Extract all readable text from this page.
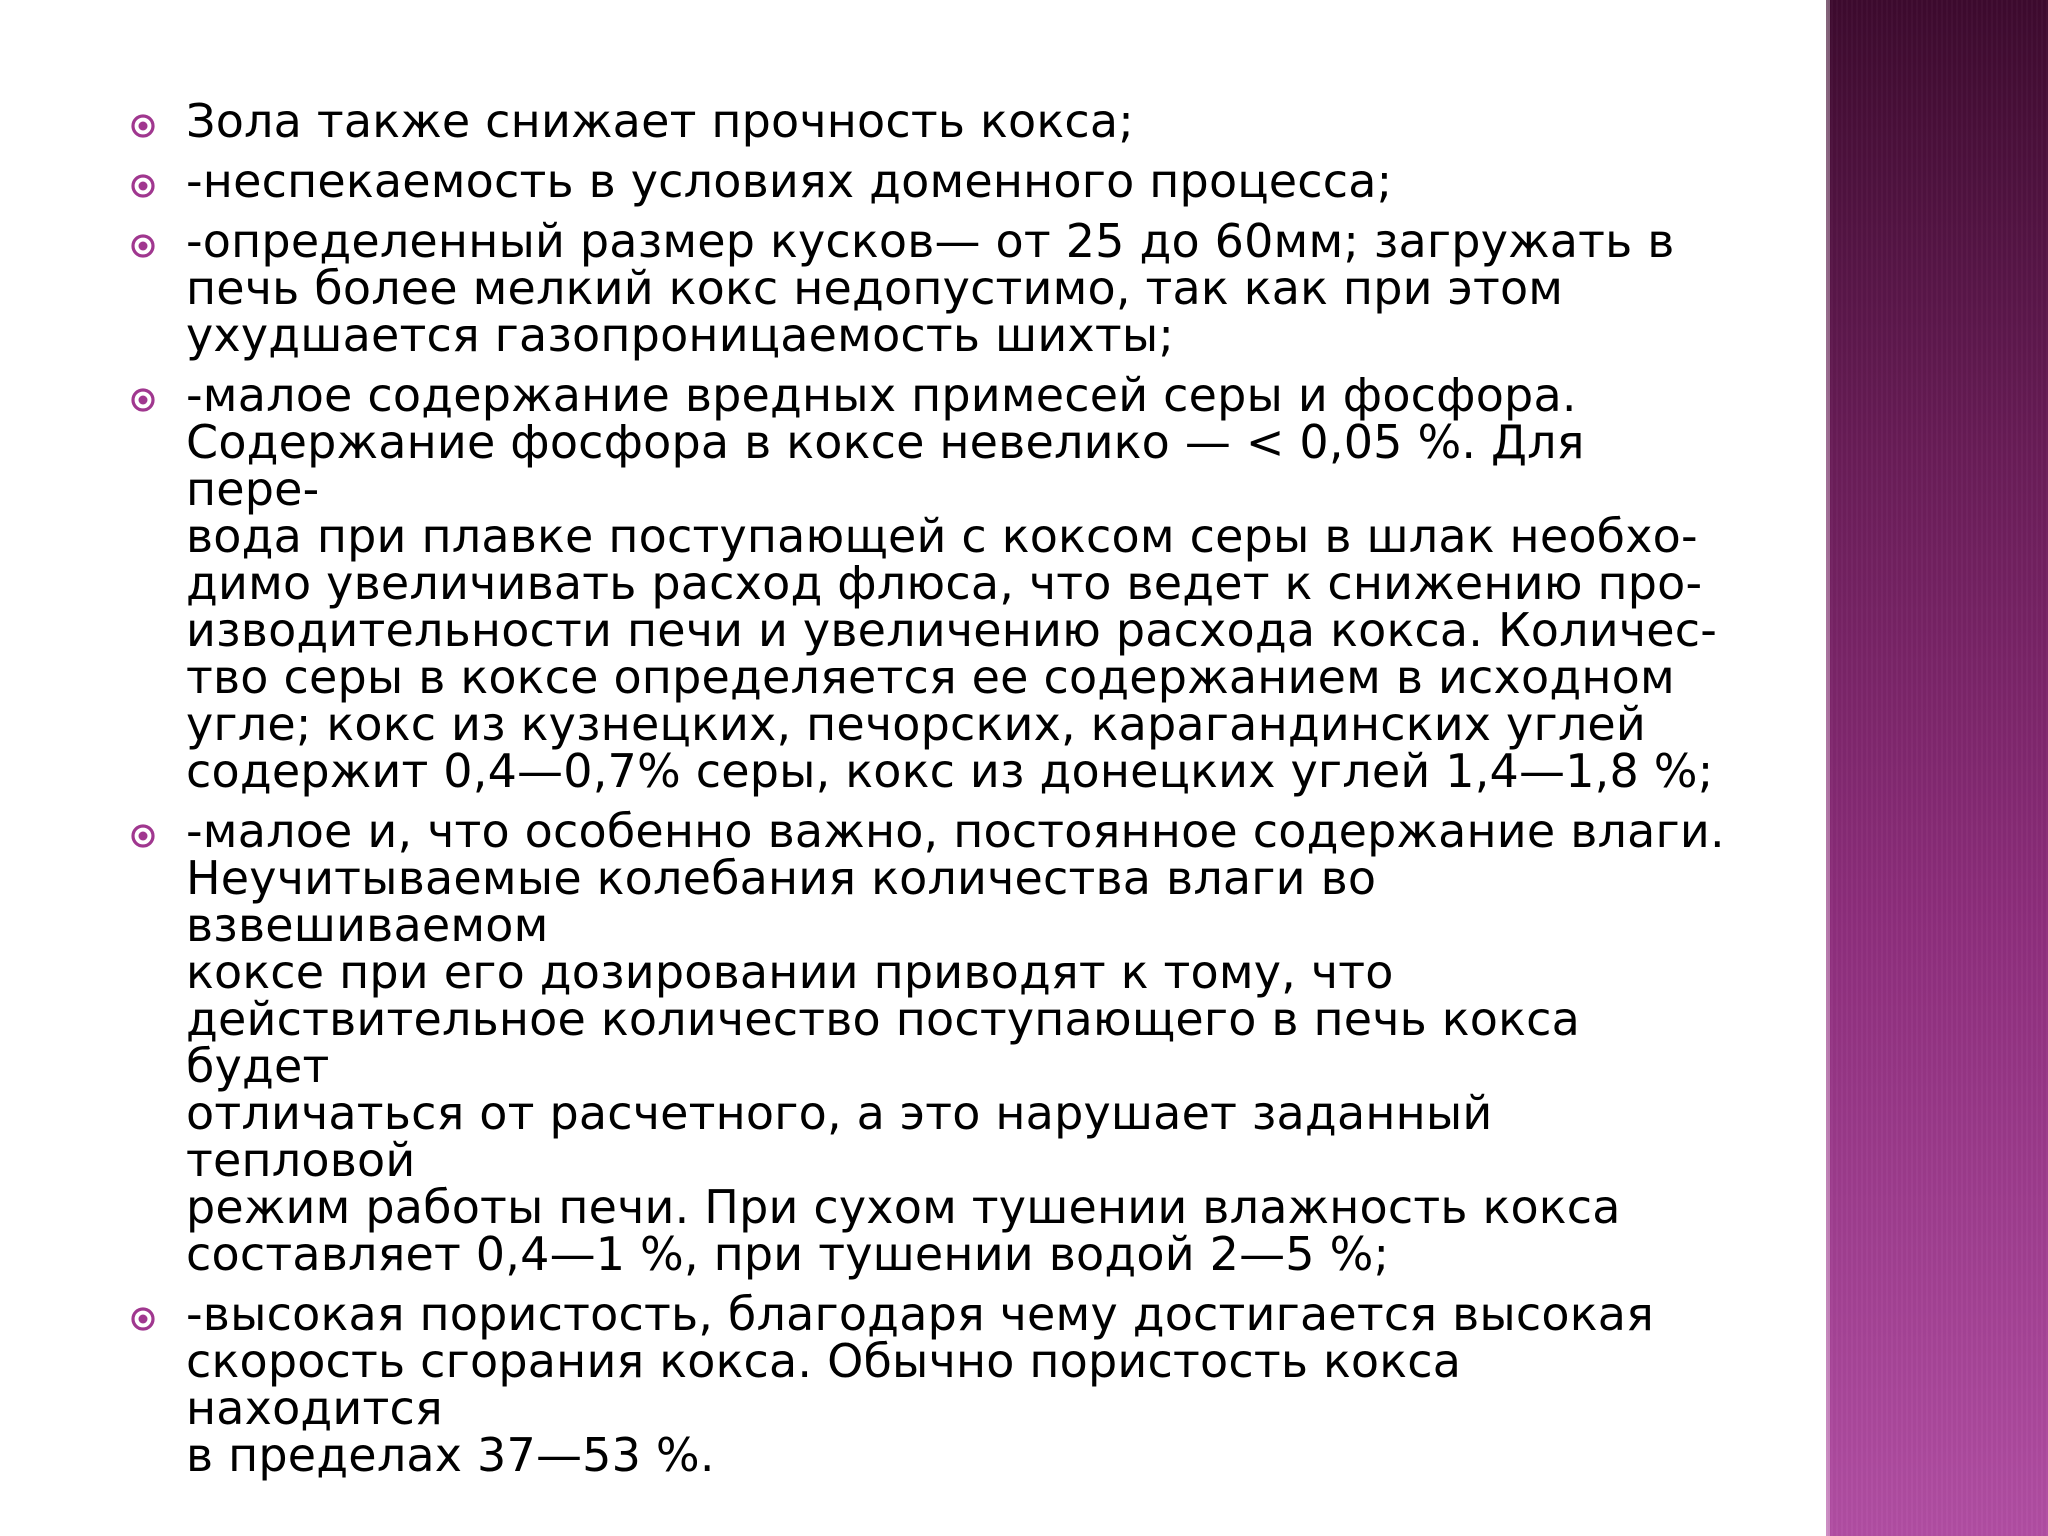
Зола также снижает прочность кокса;
-неспекаемость в условиях доменного процесса;
-определенный размер кусков— от 25 до 60мм; загружать в
печь более мелкий кокс недопустимо, так как при этом
ухудшается газопроницаемость шихты;
-малое содержание вредных примесей серы и фосфора.
Содержание фосфора в коксе невелико — < 0,05 %. Для пере-
вода при плавке поступающей с коксом серы в шлак необхо-
димо увеличивать расход флюса, что ведет к снижению про-
изводительности печи и увеличению расхода кокса. Количес-
тво серы в коксе определяется ее содержанием в исходном
угле; кокс из кузнецких, печорских, карагандинских углей
содержит 0,4—0,7% серы, кокс из донецких углей 1,4—1,8 %;
-малое и, что особенно важно, постоянное содержание влаги.
Неучитываемые колебания количества влаги во взвешиваемом
коксе при его дозировании приводят к тому, что
действительное количество поступающего в печь кокса будет
отличаться от расчетного, а это нарушает заданный тепловой
режим работы печи. При сухом тушении влажность кокса
составляет 0,4—1 %, при тушении водой 2—5 %;
-высокая пористость, благодаря чему достигается высокая
скорость сгорания кокса. Обычно пористость кокса находится
в пределах 37—53 %.
